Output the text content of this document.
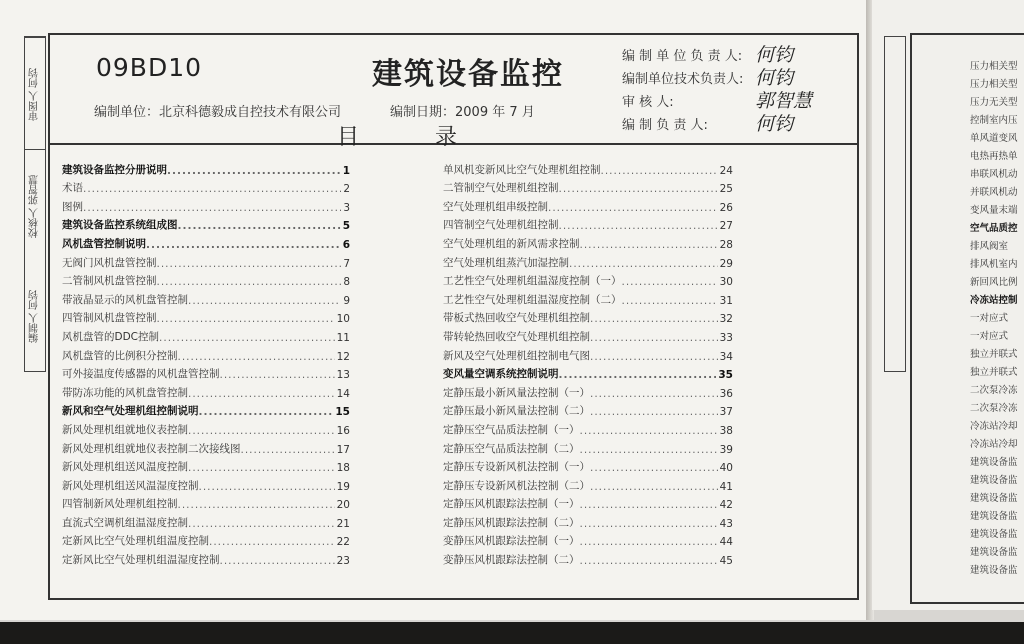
审图人 何钧
校核人 郭智慧
编制人 何钧
09BD10	建筑设备监控
编制单位：北京科德毅成自控技术有限公司	编制日期：2009 年 7 月
编 制 单 位 负 责 人: 何钧
编制单位技术负责人: 何钧
审 核 人:	郭智慧
编 制 负 责 人: 何钧
目录
建筑设备监控分册说明 .....	1
术语 .....	2
图例 .....	3
建筑设备监控系统组成图 .....	5
风机盘管控制说明 .....	6
无阀门风机盘管控制 .....	7
二管制风机盘管控制 .....	8
带液晶显示的风机盘管控制 .....	9
四管制风机盘管控制 .....	10
风机盘管的DDC控制 .....	11
风机盘管的比例积分控制 .....	12
可外接温度传感器的风机盘管控制 .....	13
带防冻功能的风机盘管控制 .....	14
新风和空气处理机组控制说明 .....	15
新风处理机组就地仪表控制 .....	16
新风处理机组就地仪表控制二次接线图 .....	17
新风处理机组送风温度控制 .....	18
新风处理机组送风温湿度控制 .....	19
四管制新风处理机组控制 .....	20
直流式空调机组温湿度控制 .....	21
定新风比空气处理机组温度控制 .....	22
定新风比空气处理机组温湿度控制 .....	23
单风机变新风比空气处理机组控制 .....	24
二管制空气处理机组控制 .....	25
空气处理机组串级控制 .....	26
四管制空气处理机组控制 .....	27
空气处理机组的新风需求控制 .....	28
空气处理机组蒸汽加湿控制 .....	29
工艺性空气处理机组温湿度控制（一） .....	30
工艺性空气处理机组温湿度控制（二） .....	31
带板式热回收空气处理机组控制 .....	32
带转轮热回收空气处理机组控制 .....	33
新风及空气处理机组控制电气图 .....	34
变风量空调系统控制说明 .....	35
定静压最小新风量法控制（一） .....	36
定静压最小新风量法控制（二） .....	37
定静压空气品质法控制（一） .....	38
定静压空气品质法控制（二） .....	39
定静压专设新风机法控制（一） .....	40
定静压专设新风机法控制（二） .....	41
定静压风机跟踪法控制（一） .....	42
定静压风机跟踪法控制（二） .....	43
变静压风机跟踪法控制（一） .....	44
变静压风机跟踪法控制（二） .....	45
压力相关型
压力相关型
压力无关型
控制室内压
单风道变风
电热再热单
串联风机动
并联风机动
变风量末端
空气品质控
排风阀室
排风机室内
新回风比例
冷冻站控制
一对应式
一对应式
独立并联式
独立并联式
二次泵冷冻
二次泵冷冻
冷冻站冷却
冷冻站冷却
建筑设备监
建筑设备监
建筑设备监
建筑设备监
建筑设备监
建筑设备监
建筑设备监
